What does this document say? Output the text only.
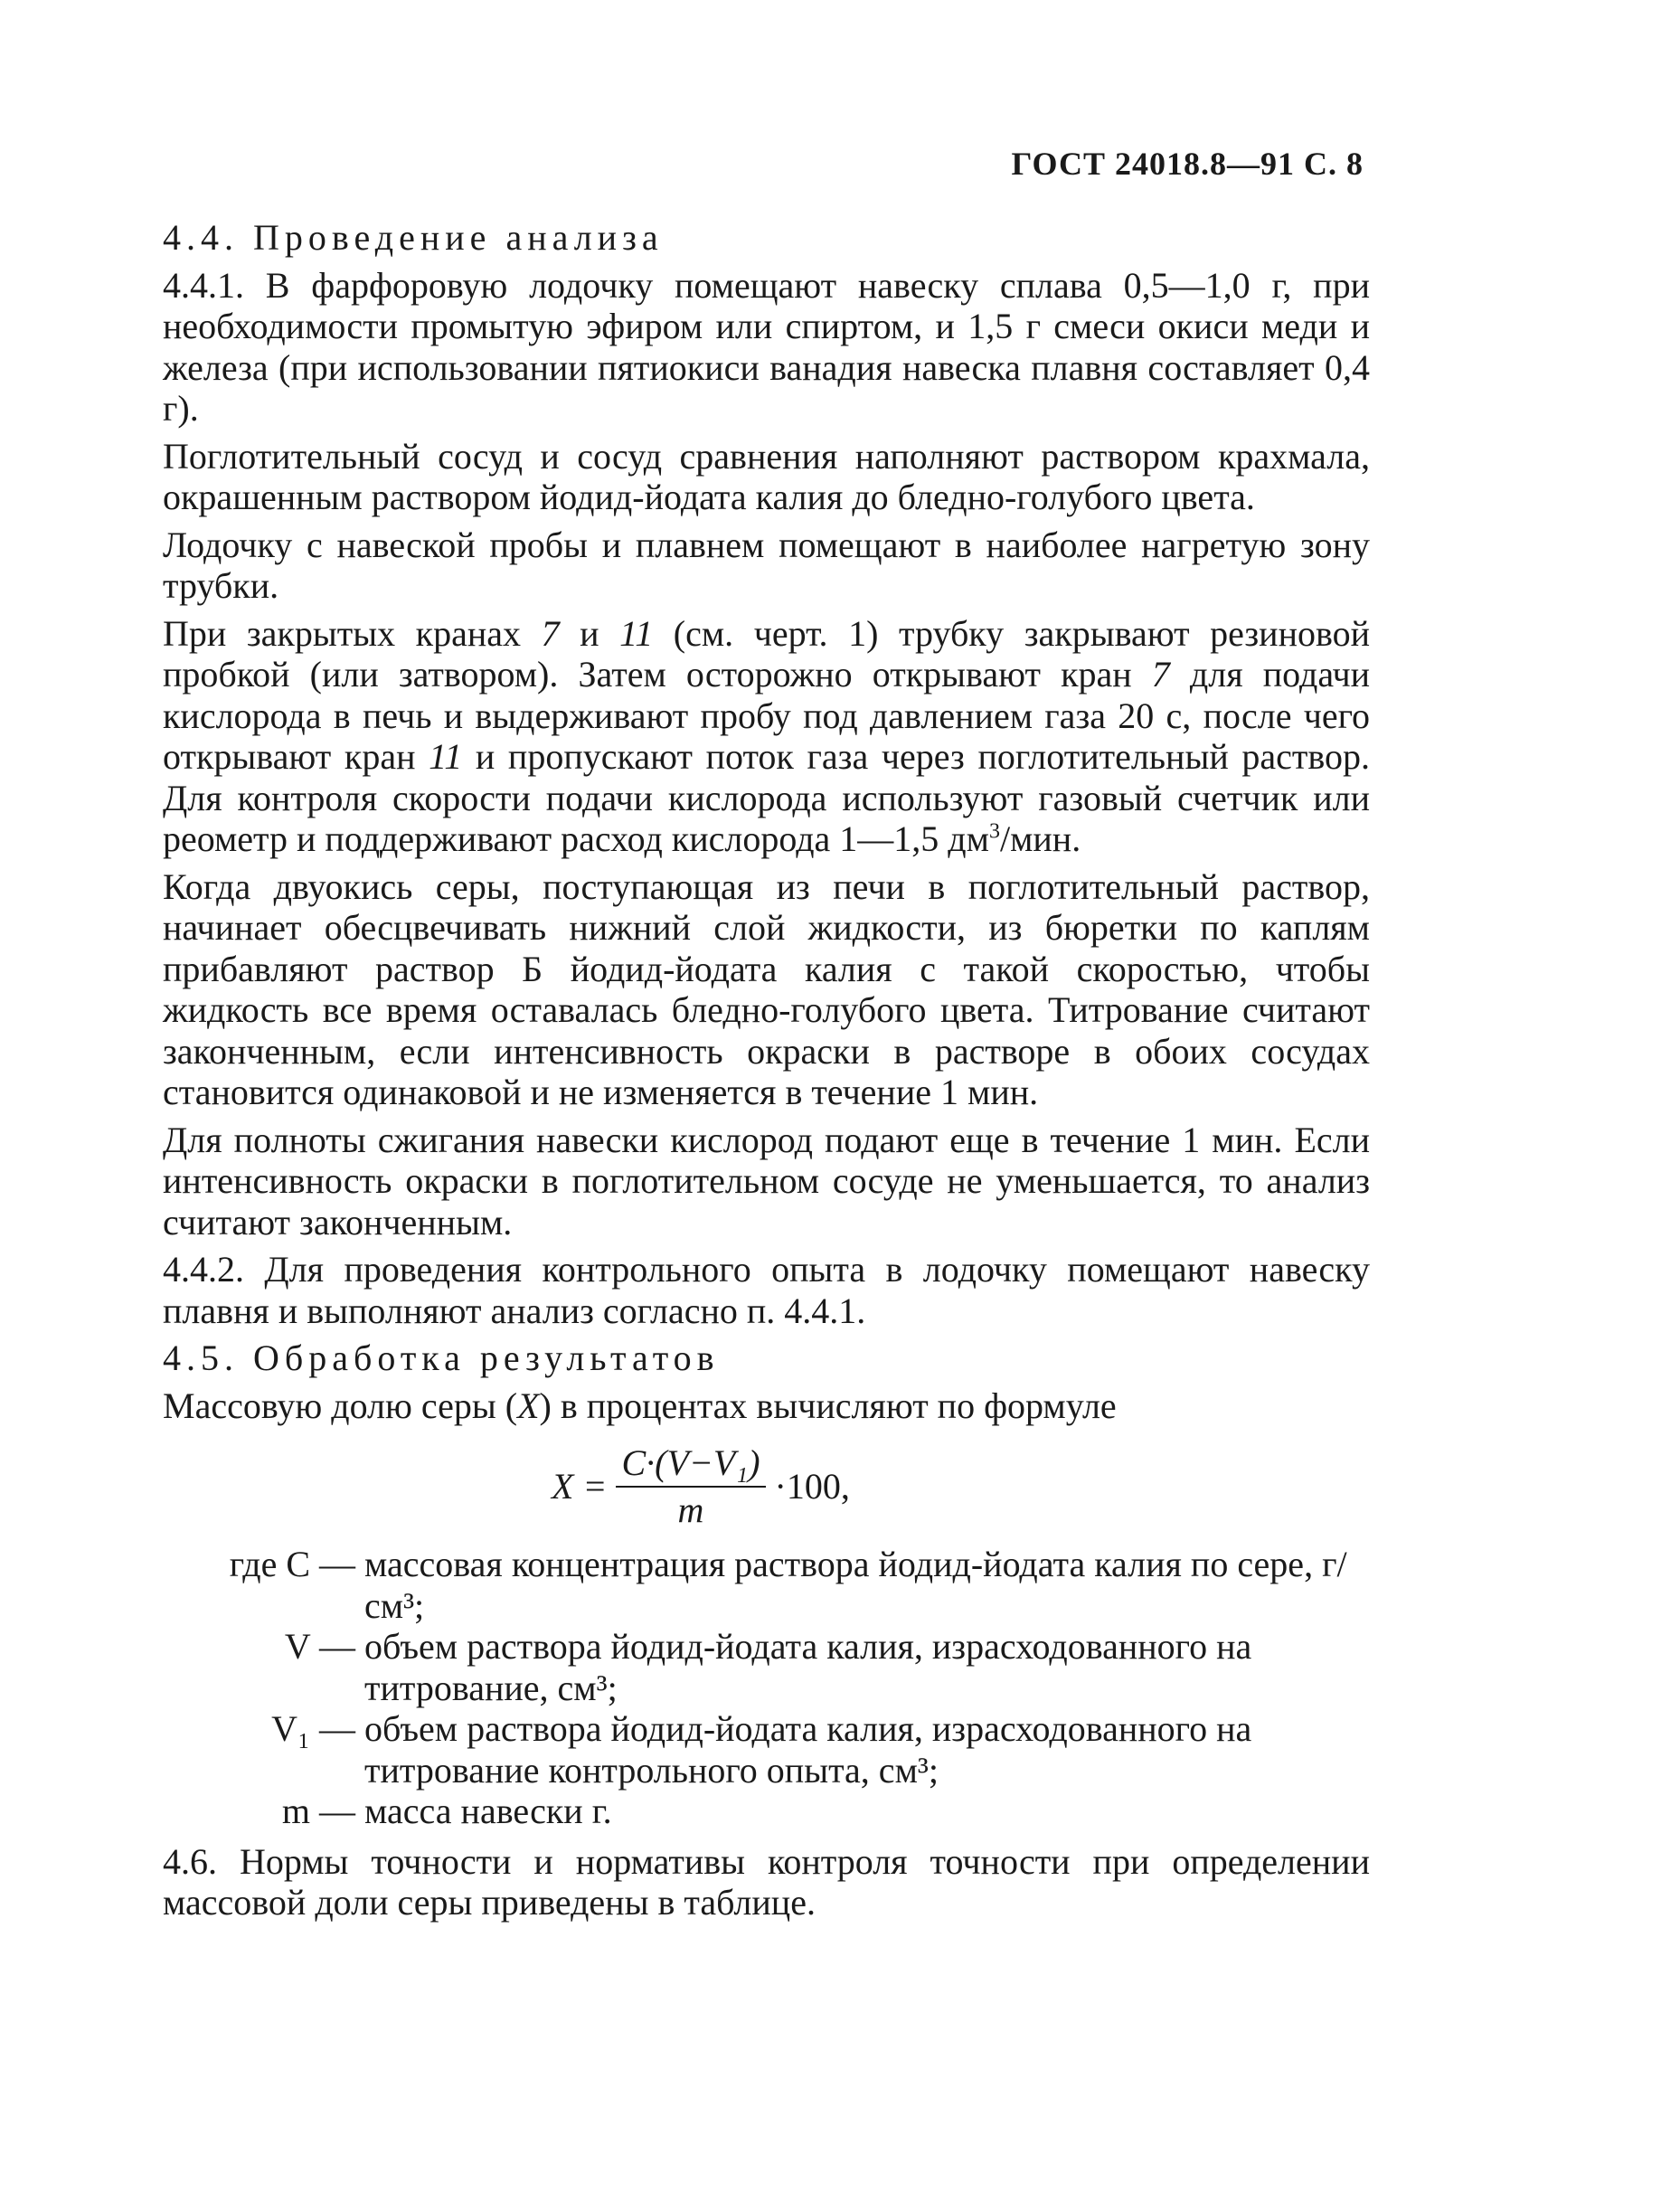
ГОСТ 24018.8—91 С. 8

4.4. Проведение анализа

4.4.1. В фарфоровую лодочку помещают навеску сплава 0,5—1,0 г, при необходимости промытую эфиром или спиртом, и 1,5 г смеси окиси меди и железа (при использовании пятиокиси ванадия навеска плавня составляет 0,4 г).

Поглотительный сосуд и сосуд сравнения наполняют раствором крахмала, окрашенным раствором йодид-йодата калия до бледно-голубого цвета.

Лодочку с навеской пробы и плавнем помещают в наиболее нагретую зону трубки.

При закрытых кранах 7 и 11 (см. черт. 1) трубку закрывают резиновой пробкой (или затвором). Затем осторожно открывают кран 7 для подачи кислорода в печь и выдерживают пробу под давлением газа 20 с, после чего открывают кран 11 и пропускают поток газа через поглотительный раствор. Для контроля скорости подачи кислорода используют газовый счетчик или реометр и поддерживают расход кислорода 1—1,5 $дм^3$/мин.

Когда двуокись серы, поступающая из печи в поглотительный раствор, начинает обесцвечивать нижний слой жидкости, из бюретки по каплям прибавляют раствор Б йодид-йодата калия с такой скоростью, чтобы жидкость все время оставалась бледно-голубого цвета. Титрование считают законченным, если интенсивность окраски в растворе в обоих сосудах становится одинаковой и не изменяется в течение 1 мин.

Для полноты сжигания навески кислород подают еще в течение 1 мин. Если интенсивность окраски в поглотительном сосуде не уменьшается, то анализ считают законченным.

4.4.2. Для проведения контрольного опыта в лодочку помещают навеску плавня и выполняют анализ согласно п. 4.4.1.

4.5. Обработка результатов

Массовую долю серы (X) в процентах вычисляют по формуле

$X = \frac{\text{C·(V−V₁)}}{m} \cdot 100$,
где C — массовая концентрация раствора йодид-йодата калия по сере, г/см³;
V — объем раствора йодид-йодата калия, израсходованного на титрование, см³;
V₁ — объем раствора йодид-йодата калия, израсходованного на титрование контрольного опыта, см³;
m — масса навески г.

4.6. Нормы точности и нормативы контроля точности при определении массовой доли серы приведены в таблице.
